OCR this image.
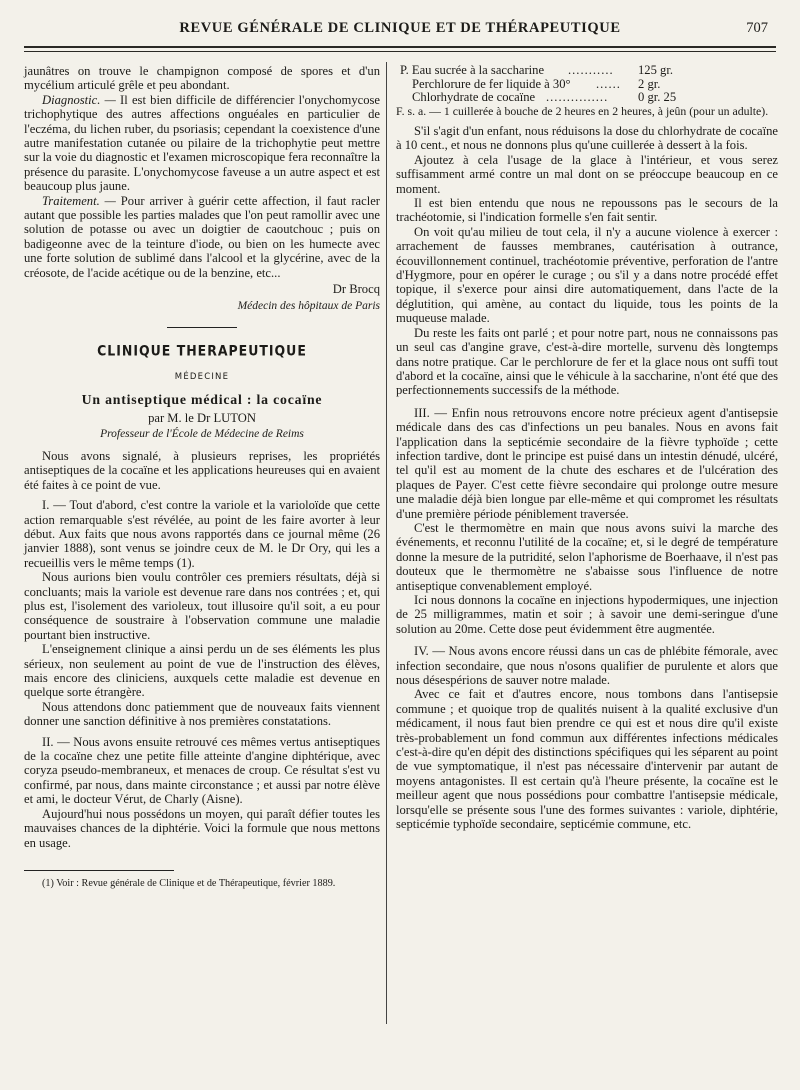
REVUE GÉNÉRALE DE CLINIQUE ET DE THÉRAPEUTIQUE	707

jaunâtres on trouve le champignon composé de spores et d'un mycélium articulé grêle et peu abondant.

Diagnostic. — Il est bien difficile de différencier l'onychomycose trichophytique des autres affections onguéales en particulier de l'eczéma, du lichen ruber, du psoriasis; cependant la coexistence d'une autre manifestation cutanée ou pilaire de la trichophytie peut mettre sur la voie du diagnostic et l'examen microscopique fera reconnaître la présence du parasite. L'onychomycose faveuse a un autre aspect et est beaucoup plus jaune.

Traitement. — Pour arriver à guérir cette affection, il faut racler autant que possible les parties malades que l'on peut ramollir avec une solution de potasse ou avec un doigtier de caoutchouc ; puis on badigeonne avec de la teinture d'iode, ou bien on les humecte avec une forte solution de sublimé dans l'alcool et la glycérine, avec de la créosote, de l'acide acétique ou de la benzine, etc...

Dr Brocq

Médecin des hôpitaux de Paris

CLINIQUE THERAPEUTIQUE
MÉDECINE
Un antiseptique médical : la cocaïne
par M. le Dr LUTON
Professeur de l'École de Médecine de Reims

Nous avons signalé, à plusieurs reprises, les propriétés antiseptiques de la cocaïne et les applications heureuses qui en avaient été faites à ce point de vue.

I. — Tout d'abord, c'est contre la variole et la varioloïde que cette action remarquable s'est révélée, au point de les faire avorter à leur début. Aux faits que nous avons rapportés dans ce journal même (26 janvier 1888), sont venus se joindre ceux de M. le Dr Ory, qui les a recueillis vers le même temps (1).

Nous aurions bien voulu contrôler ces premiers résultats, déjà si concluants; mais la variole est devenue rare dans nos contrées ; et, qui plus est, l'isolement des varioleux, tout illusoire qu'il soit, a eu pour conséquence de soustraire à l'observation commune une maladie pourtant bien instructive.

L'enseignement clinique a ainsi perdu un de ses éléments les plus sérieux, non seulement au point de vue de l'instruction des élèves, mais encore des cliniciens, auxquels cette maladie est devenue en quelque sorte étrangère.

Nous attendons donc patiemment que de nouveaux faits viennent donner une sanction définitive à nos premières constatations.

II. — Nous avons ensuite retrouvé ces mêmes vertus antiseptiques de la cocaïne chez une petite fille atteinte d'angine diphtérique, avec coryza pseudo-membraneux, et menaces de croup. Ce résultat s'est vu confirmé, par nous, dans mainte circonstance ; et aussi par notre élève et ami, le docteur Vérut, de Charly (Aisne).

Aujourd'hui nous possédons un moyen, qui paraît défier toutes les mauvaises chances de la diphtérie. Voici la formule que nous mettons en usage.

(1) Voir : Revue générale de Clinique et de Thérapeutique, février 1889.

P. Eau sucrée à la saccharine ...........	125 gr.
Perchlorure de fer liquide à 30° ......	2 gr.
Chlorhydrate de cocaïne ...............	0 gr. 25

F. s. a. — 1 cuillerée à bouche de 2 heures en 2 heures, à jeûn (pour un adulte).

S'il s'agit d'un enfant, nous réduisons la dose du chlorhydrate de cocaïne à 10 cent., et nous ne donnons plus qu'une cuillerée à dessert à la fois.

Ajoutez à cela l'usage de la glace à l'intérieur, et vous serez suffisamment armé contre un mal dont on se préoccupe beaucoup en ce moment.

Il est bien entendu que nous ne repoussons pas le secours de la trachéotomie, si l'indication formelle s'en fait sentir.

On voit qu'au milieu de tout cela, il n'y a aucune violence à exercer : arrachement de fausses membranes, cautérisation à outrance, écouvillonnement continuel, trachéotomie préventive, perforation de l'antre d'Hygmore, pour en opérer le curage ; ou s'il y a dans notre procédé effet topique, il s'exerce pour ainsi dire automatiquement, dans l'acte de la déglutition, qui amène, au contact du liquide, tous les points de la muqueuse malade.

Du reste les faits ont parlé ; et pour notre part, nous ne connaissons pas un seul cas d'angine grave, c'est-à-dire mortelle, survenu dès longtemps dans notre pratique. Car le perchlorure de fer et la glace nous ont suffi tout d'abord et la cocaïne, ainsi que le véhicule à la saccharine, n'ont été que des perfectionnements successifs de la méthode.

III. — Enfin nous retrouvons encore notre précieux agent d'antisepsie médicale dans des cas d'infections un peu banales. Nous en avons fait l'application dans la septicémie secondaire de la fièvre typhoïde ; cette infection tardive, dont le principe est puisé dans un intestin dénudé, ulcéré, tel qu'il est au moment de la chute des eschares et de l'ulcération des plaques de Payer. C'est cette fièvre secondaire qui prolonge outre mesure une maladie déjà bien longue par elle-même et qui compromet les résultats d'une première période péniblement traversée.

C'est le thermomètre en main que nous avons suivi la marche des événements, et reconnu l'utilité de la cocaïne; et, si le degré de température donne la mesure de la putridité, selon l'aphorisme de Boerhaave, il n'est pas douteux que le thermomètre ne s'abaisse sous l'influence de notre antiseptique convenablement employé.

Ici nous donnons la cocaïne en injections hypodermiques, une injection de 25 milligrammes, matin et soir ; à savoir une demi-seringue d'une solution au 20me. Cette dose peut évidemment être augmentée.

IV. — Nous avons encore réussi dans un cas de phlébite fémorale, avec infection secondaire, que nous n'osons qualifier de purulente et alors que nous désespérions de sauver notre malade.

Avec ce fait et d'autres encore, nous tombons dans l'antisepsie commune ; et quoique trop de qualités nuisent à la qualité exclusive d'un médicament, il nous faut bien prendre ce qui est et nous dire qu'il existe très-probablement un fond commun aux différentes infections médicales c'est-à-dire qu'en dépit des distinctions spécifiques qui les séparent au point de vue symptomatique, il n'est pas nécessaire d'intervenir par autant de moyens antagonistes. Il est certain qu'à l'heure présente, la cocaïne est le meilleur agent que nous possédions pour combattre l'antisepsie médicale, lorsqu'elle se présente sous l'une des formes suivantes : variole, diphtérie, septicémie typhoïde secondaire, septicémie commune, etc.
